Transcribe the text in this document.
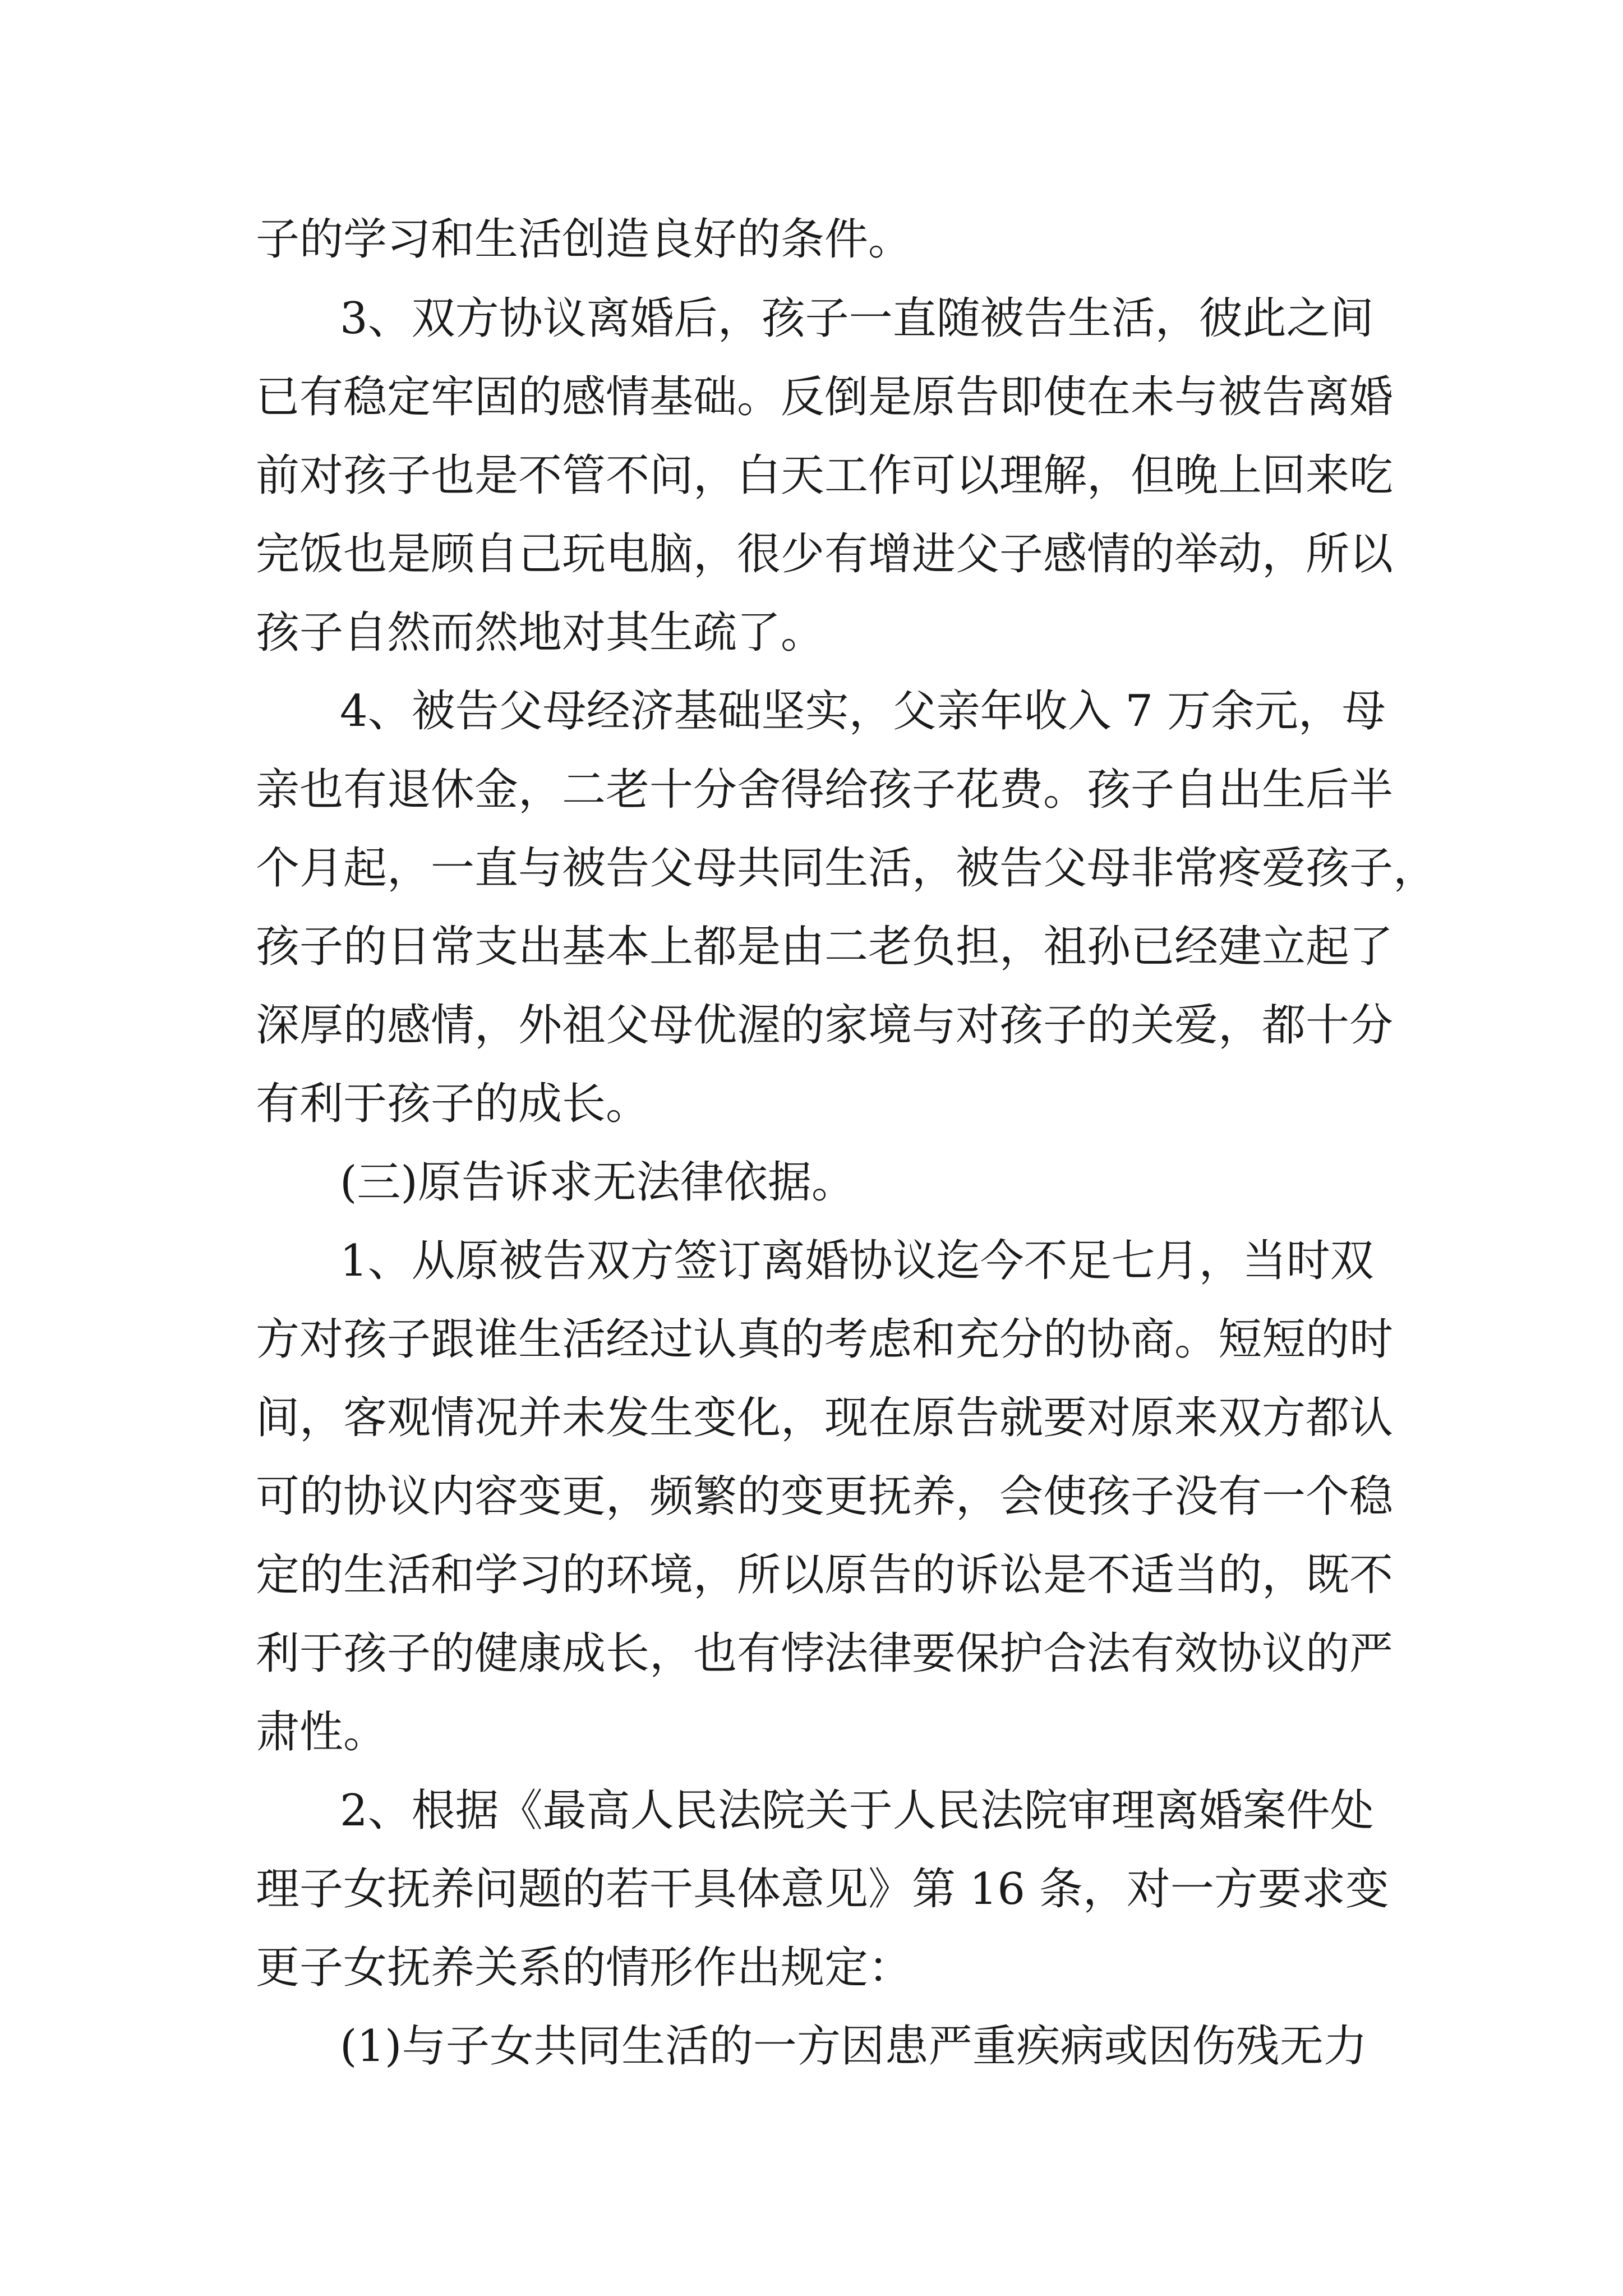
子的学习和生活创造良好的条件。
3、双方协议离婚后，孩子一直随被告生活，彼此之间
已有稳定牢固的感情基础。反倒是原告即使在未与被告离婚
前对孩子也是不管不问，白天工作可以理解，但晚上回来吃
完饭也是顾自己玩电脑，很少有增进父子感情的举动，所以
孩子自然而然地对其生疏了。
4、被告父母经济基础坚实，父亲年收入 7 万余元，母
亲也有退休金，二老十分舍得给孩子花费。孩子自出生后半
个月起，一直与被告父母共同生活，被告父母非常疼爱孩子，
孩子的日常支出基本上都是由二老负担，祖孙已经建立起了
深厚的感情，外祖父母优渥的家境与对孩子的关爱，都十分
有利于孩子的成长。
(三)原告诉求无法律依据。
1、从原被告双方签订离婚协议迄今不足七月，当时双
方对孩子跟谁生活经过认真的考虑和充分的协商。短短的时
间，客观情况并未发生变化，现在原告就要对原来双方都认
可的协议内容变更，频繁的变更抚养，会使孩子没有一个稳
定的生活和学习的环境，所以原告的诉讼是不适当的，既不
利于孩子的健康成长，也有悖法律要保护合法有效协议的严
肃性。
2、根据《最高人民法院关于人民法院审理离婚案件处
理子女抚养问题的若干具体意见》第 16 条，对一方要求变
更子女抚养关系的情形作出规定：
(1)与子女共同生活的一方因患严重疾病或因伤残无力
